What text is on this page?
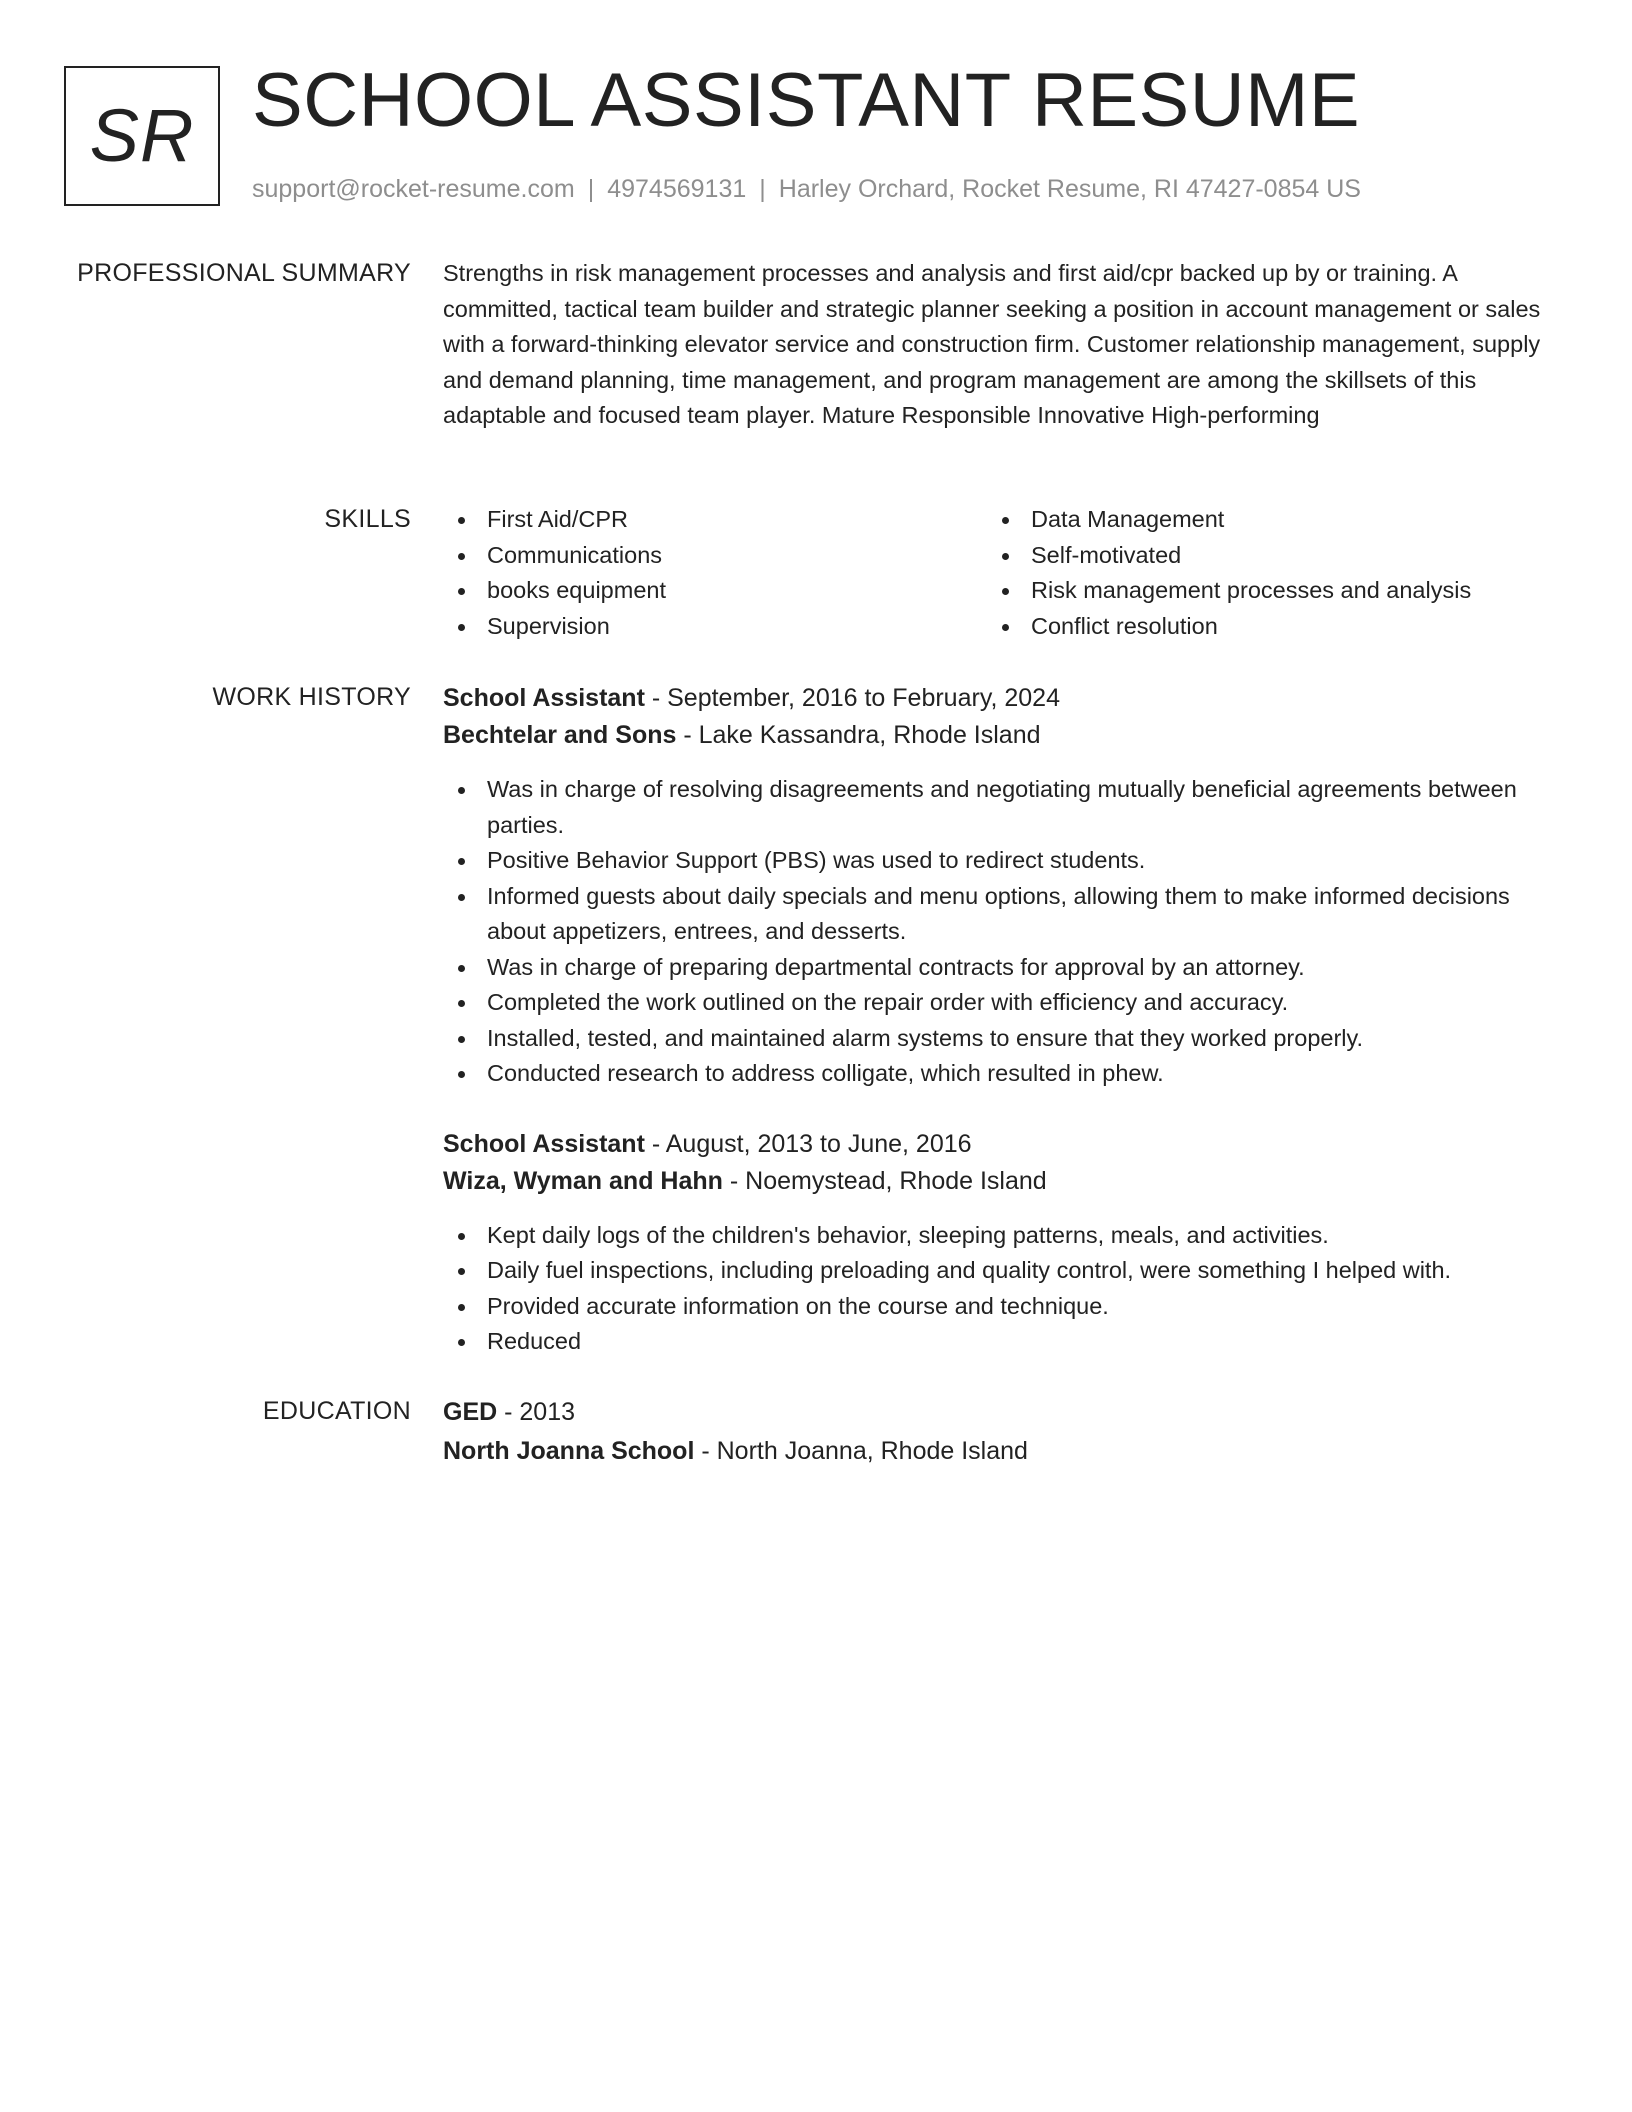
SR SCHOOL ASSISTANT RESUME
support@rocket-resume.com | 4974569131 | Harley Orchard, Rocket Resume, RI 47427-0854 US
PROFESSIONAL SUMMARY Strengths in risk management processes and analysis and first aid/cpr backed up by or training. A committed, tactical team builder and strategic planner seeking a position in account management or sales with a forward-thinking elevator service and construction firm. Customer relationship management, supply and demand planning, time management, and program management are among the skillsets of this adaptable and focused team player. Mature Responsible Innovative High-performing

SKILLS	First Aid/CPR
Communications
books equipment
Supervision
Data Management
Self-motivated
Risk management processes and analysis
Conflict resolution
WORK HISTORY School Assistant - September, 2016 to February, 2024
Bechtelar and Sons - Lake Kassandra, Rhode Island
Was in charge of resolving disagreements and negotiating mutually beneficial agreements between parties.
Positive Behavior Support (PBS) was used to redirect students.
Informed guests about daily specials and menu options, allowing them to make informed decisions about appetizers, entrees, and desserts.
Was in charge of preparing departmental contracts for approval by an attorney.
Completed the work outlined on the repair order with efficiency and accuracy.
Installed, tested, and maintained alarm systems to ensure that they worked properly.
Conducted research to address colligate, which resulted in phew.
School Assistant - August, 2013 to June, 2016
Wiza, Wyman and Hahn - Noemystead, Rhode Island
Kept daily logs of the children's behavior, sleeping patterns, meals, and activities.
Daily fuel inspections, including preloading and quality control, were something I helped with.
Provided accurate information on the course and technique.
Reduced
EDUCATION GED - 2013
North Joanna School - North Joanna, Rhode Island
